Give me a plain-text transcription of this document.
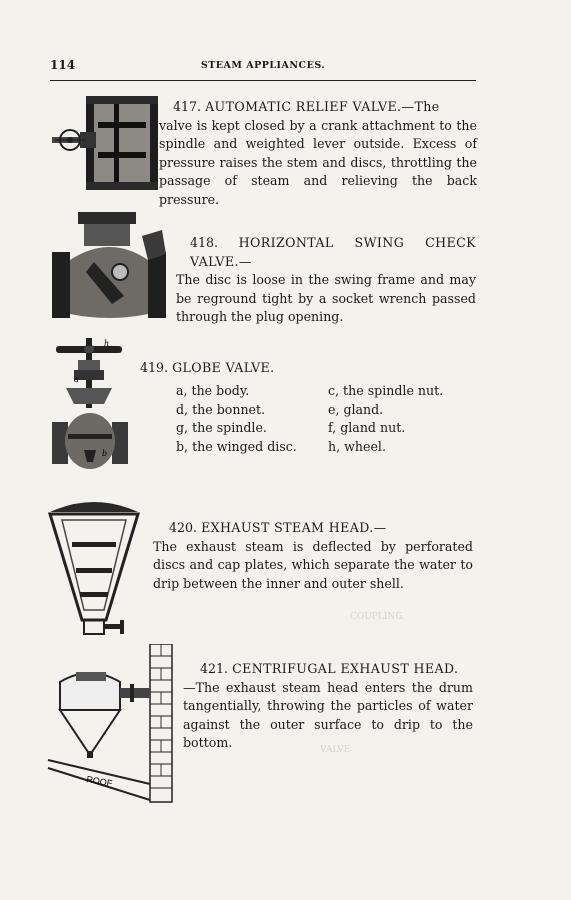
114	STEAM APPLIANCES.
COUPLING.
VALVE

417. AUTOMATIC RELIEF VALVE.—The

valve is kept closed by a crank attachment to the spindle and weighted lever outside. Excess of pressure raises the stem and discs, throttling the passage of steam and relieving the back pressure.

418. HORIZONTAL SWING CHECK VALVE.—

The disc is loose in the swing frame and may be reground tight by a socket wrench passed through the plug opening.

h
a
b

419. GLOBE VALVE.

a, the body.	c, the spindle nut.
d, the bonnet.	e, gland.
g, the spindle.	f, gland nut.
b, the winged disc.	h, wheel.

420. EXHAUST STEAM HEAD.—

The exhaust steam is deflected by perforated discs and cap plates, which separate the water to drip between the inner and outer shell.

ROOF

421. CENTRIFUGAL EXHAUST HEAD.

—The exhaust steam head enters the drum tangentially, throwing the particles of water against the outer surface to drip to the bottom.
